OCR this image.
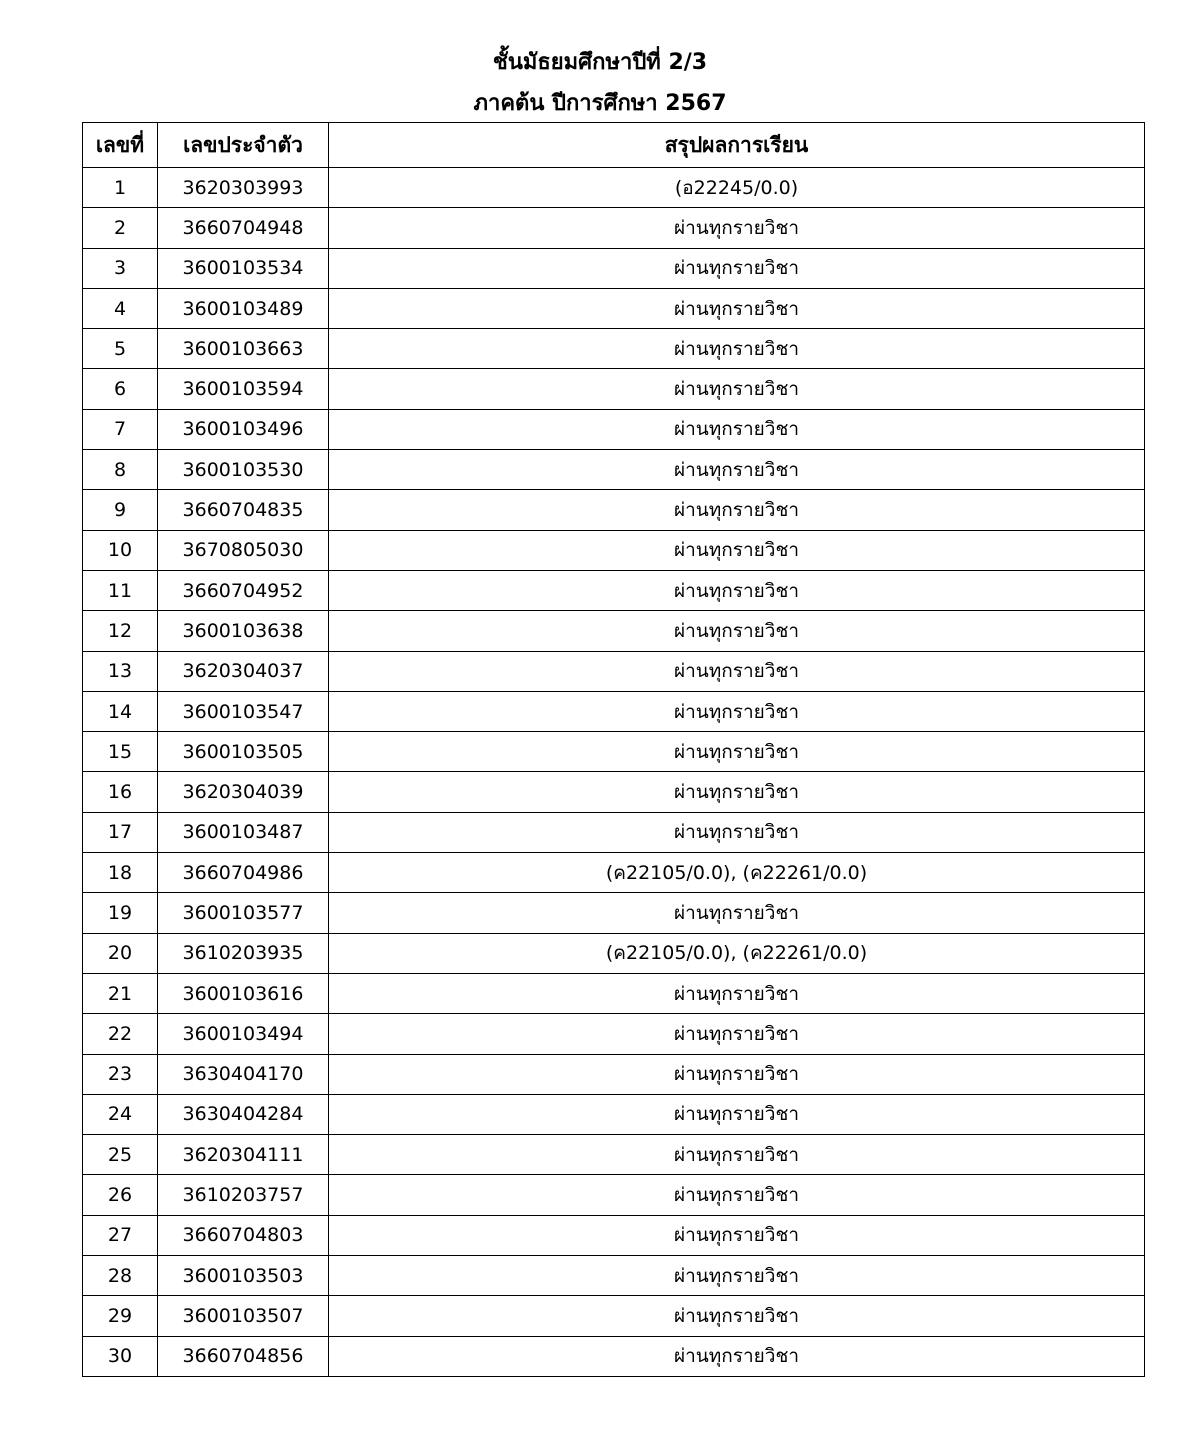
ชั้นมัธยมศึกษาปีที่ 2/3
ภาคต้น ปีการศึกษา 2567
เลขที่	เลขประจำตัว	สรุปผลการเรียน
1	3620303993	(อ22245/0.0)
2	3660704948	ผ่านทุกรายวิชา
3	3600103534	ผ่านทุกรายวิชา
4	3600103489	ผ่านทุกรายวิชา
5	3600103663	ผ่านทุกรายวิชา
6	3600103594	ผ่านทุกรายวิชา
7	3600103496	ผ่านทุกรายวิชา
8	3600103530	ผ่านทุกรายวิชา
9	3660704835	ผ่านทุกรายวิชา
10	3670805030	ผ่านทุกรายวิชา
11	3660704952	ผ่านทุกรายวิชา
12	3600103638	ผ่านทุกรายวิชา
13	3620304037	ผ่านทุกรายวิชา
14	3600103547	ผ่านทุกรายวิชา
15	3600103505	ผ่านทุกรายวิชา
16	3620304039	ผ่านทุกรายวิชา
17	3600103487	ผ่านทุกรายวิชา
18	3660704986	(ค22105/0.0), (ค22261/0.0)
19	3600103577	ผ่านทุกรายวิชา
20	3610203935	(ค22105/0.0), (ค22261/0.0)
21	3600103616	ผ่านทุกรายวิชา
22	3600103494	ผ่านทุกรายวิชา
23	3630404170	ผ่านทุกรายวิชา
24	3630404284	ผ่านทุกรายวิชา
25	3620304111	ผ่านทุกรายวิชา
26	3610203757	ผ่านทุกรายวิชา
27	3660704803	ผ่านทุกรายวิชา
28	3600103503	ผ่านทุกรายวิชา
29	3600103507	ผ่านทุกรายวิชา
30	3660704856	ผ่านทุกรายวิชา
